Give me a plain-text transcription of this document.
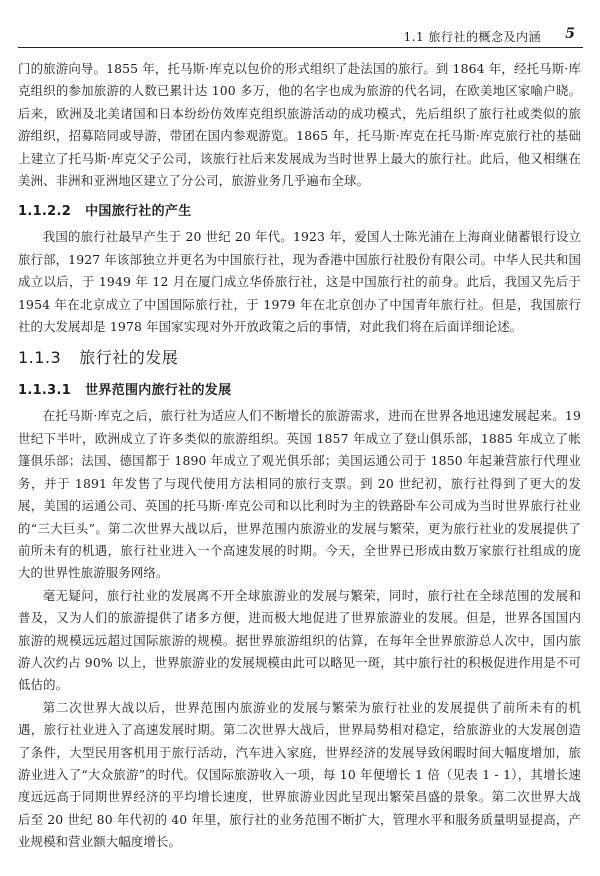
1.1 旅行社的概念及内涵 5

门的旅游向导。1855 年，托马斯·库克以包价的形式组织了赴法国的旅行。到 1864 年，经托马斯·库克组织的参加旅游的人数已累计达 100 多万，他的名字也成为旅游的代名词，在欧美地区家喻户晓。后来，欧洲及北美诸国和日本纷纷仿效库克组织旅游活动的成功模式，先后组织了旅行社或类似的旅游组织，招募陪同或导游，带团在国内参观游览。1865 年，托马斯·库克在托马斯·库克旅行社的基础上建立了托马斯·库克父子公司，该旅行社后来发展成为当时世界上最大的旅行社。此后，他又相继在美洲、非洲和亚洲地区建立了分公司，旅游业务几乎遍布全球。

1.1.2.2 中国旅行社的产生

我国的旅行社最早产生于 20 世纪 20 年代。1923 年，爱国人士陈光浦在上海商业储蓄银行设立旅行部，1927 年该部独立并更名为中国旅行社，现为香港中国旅行社股份有限公司。中华人民共和国成立以后，于 1949 年 12 月在厦门成立华侨旅行社，这是中国旅行社的前身。此后，我国又先后于 1954 年在北京成立了中国国际旅行社，于 1979 年在北京创办了中国青年旅行社。但是，我国旅行社的大发展却是 1978 年国家实现对外开放政策之后的事情，对此我们将在后面详细论述。

1.1.3 旅行社的发展
1.1.3.1 世界范围内旅行社的发展

在托马斯·库克之后，旅行社为适应人们不断增长的旅游需求，进而在世界各地迅速发展起来。19 世纪下半叶，欧洲成立了许多类似的旅游组织。英国 1857 年成立了登山俱乐部，1885 年成立了帐篷俱乐部；法国、德国都于 1890 年成立了观光俱乐部；美国运通公司于 1850 年起兼营旅行代理业务，并于 1891 年发售了与现代使用方法相同的旅行支票。到 20 世纪初，旅行社得到了更大的发展，美国的运通公司、英国的托马斯·库克公司和以比利时为主的铁路卧车公司成为当时世界旅行社业的“三大巨头”。第二次世界大战以后，世界范围内旅游业的发展与繁荣，更为旅行社业的发展提供了前所未有的机遇，旅行社业进入一个高速发展的时期。今天，全世界已形成由数万家旅行社组成的庞大的世界性旅游服务网络。

毫无疑问，旅行社业的发展离不开全球旅游业的发展与繁荣，同时，旅行社在全球范围的发展和普及，又为人们的旅游提供了诸多方便，进而极大地促进了世界旅游业的发展。但是，世界各国国内旅游的规模远远超过国际旅游的规模。据世界旅游组织的估算，在每年全世界旅游总人次中，国内旅游人次约占 90% 以上，世界旅游业的发展规模由此可以略见一斑，其中旅行社的积极促进作用是不可低估的。

第二次世界大战以后，世界范围内旅游业的发展与繁荣为旅行社业的发展提供了前所未有的机遇，旅行社业进入了高速发展时期。第二次世界大战后，世界局势相对稳定，给旅游业的大发展创造了条件，大型民用客机用于旅行活动，汽车进入家庭，世界经济的发展导致闲暇时间大幅度增加，旅游业进入了“大众旅游”的时代。仅国际旅游收入一项，每 10 年便增长 1 倍（见表 1 - 1），其增长速度远远高于同期世界经济的平均增长速度，世界旅游业因此呈现出繁荣昌盛的景象。第二次世界大战后至 20 世纪 80 年代初的 40 年里，旅行社的业务范围不断扩大，管理水平和服务质量明显提高，产业规模和营业额大幅度增长。
